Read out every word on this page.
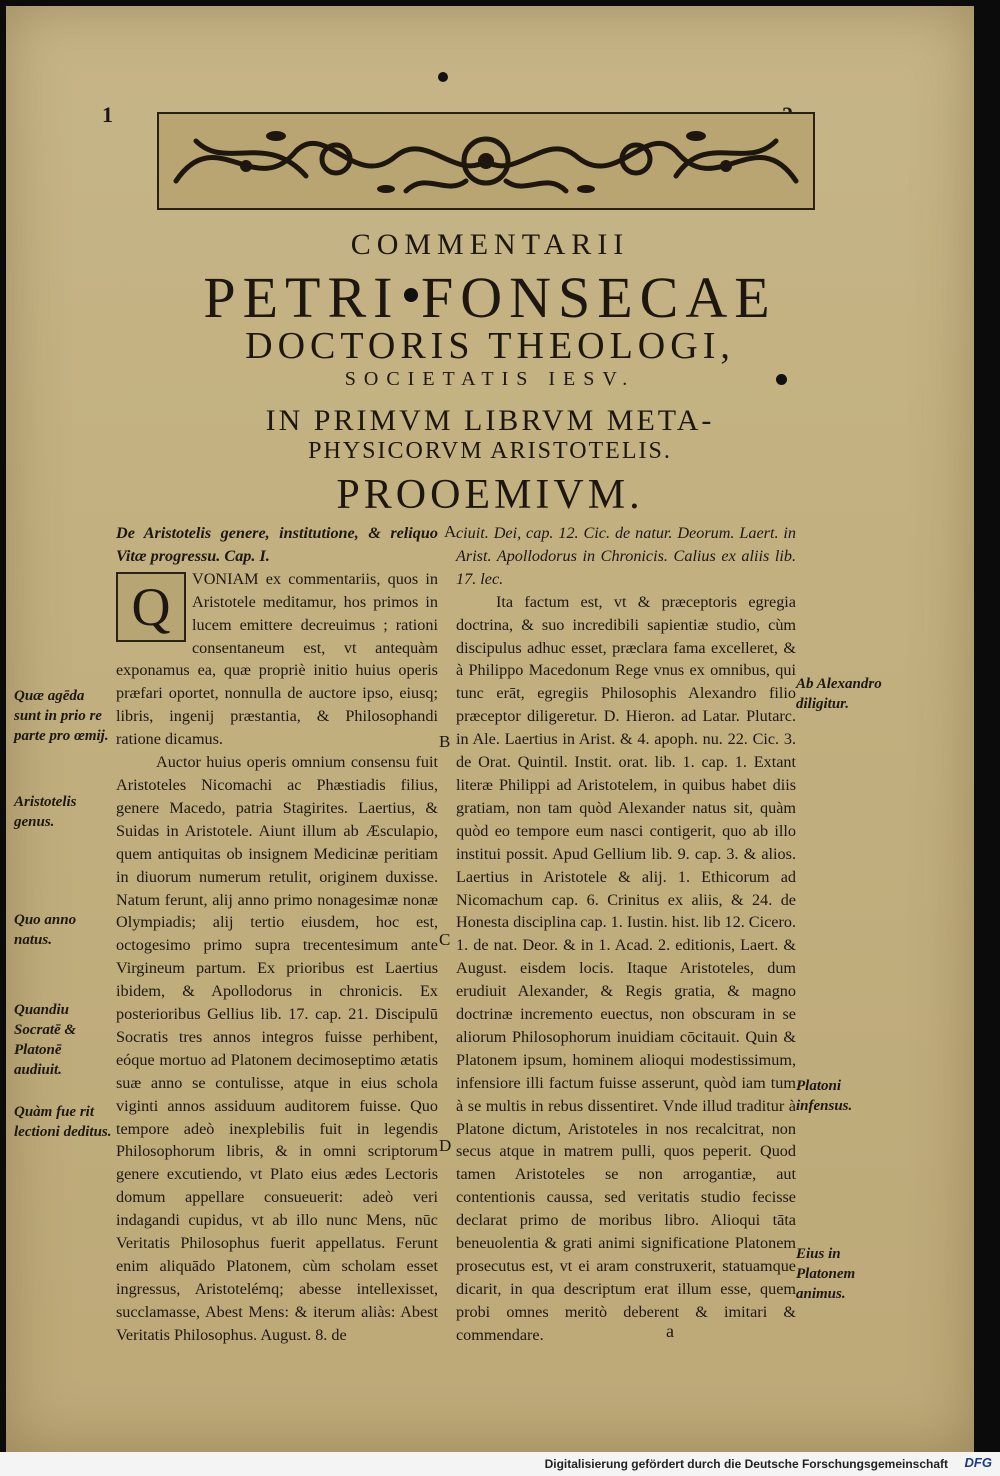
1
COMMENTARII
PETRI FONSECAE
DOCTORIS THEOLOGI,
SOCIETATIS IESV.
IN PRIMVM LIBRVM META-
PHYSICORVM ARISTOTELIS.
PROOEMIVM.

De Aristotelis genere, institutione, & reliquo Vitæ progressu. Cap. I.

Q	VONIAM ex commentariis, quos in Aristotele meditamur, hos primos in lucem emittere decreuimus ; rationi consentaneum est, vt antequàm exponamus ea, quæ propriè initio huius operis præfari oportet, nonnulla de auctore ipso, eiusq; libris, ingenij præstantia, & Philosophandi ratione dicamus.

Auctor huius operis omnium consensu fuit Aristoteles Nicomachi ac Phæstiadis filius, genere Macedo, patria Stagirites. Laertius, & Suidas in Aristotele. Aiunt illum ab Æsculapio, quem antiquitas ob insignem Medicinæ peritiam in diuorum numerum retulit, originem duxisse. Natum ferunt, alij anno primo nonagesimæ nonæ Olympiadis; alij tertio eiusdem, hoc est, octogesimo primo supra trecentesimum ante Virgineum partum. Ex prioribus est Laertius ibidem, & Apollodorus in chronicis. Ex posterioribus Gellius lib. 17. cap. 21. Discipulū Socratis tres annos integros fuisse perhibent, eóque mortuo ad Platonem decimoseptimo ætatis suæ anno se contulisse, atque in eius schola viginti annos assiduum auditorem fuisse. Quo tempore adeò inexplebilis fuit in legendis Philosophorum libris, & in omni scriptorum genere excutiendo, vt Plato eius ædes Lectoris domum appellare consueuerit: adeò veri indagandi cupidus, vt ab illo nunc Mens, nūc Veritatis Philosophus fuerit appellatus. Ferunt enim aliquādo Platonem, cùm scholam esset ingressus, Aristotelémq; abesse intellexisset, succlamasse, Abest Mens: & iterum aliàs: Abest Veritatis Philosophus. August. 8. de

ciuit. Dei, cap. 12. Cic. de natur. Deorum. Laert. in Arist. Apollodorus in Chronicis. Calius ex aliis lib. 17. lec.

Ita factum est, vt & præceptoris egregia doctrina, & suo incredibili sapientiæ studio, cùm discipulus adhuc esset, præclara fama excelleret, & à Philippo Macedonum Rege vnus ex omnibus, qui tunc erāt, egregiis Philosophis Alexandro filio præceptor diligeretur. D. Hieron. ad Latar. Plutarc. in Ale. Laertius in Arist. & 4. apoph. nu. 22. Cic. 3. de Orat. Quintil. Instit. orat. lib. 1. cap. 1. Extant literæ Philippi ad Aristotelem, in quibus habet diis gratiam, non tam quòd Alexander natus sit, quàm quòd eo tempore eum nasci contigerit, quo ab illo institui possit. Apud Gellium lib. 9. cap. 3. & alios. Laertius in Aristotele & alij. 1. Ethicorum ad Nicomachum cap. 6. Crinitus ex aliis, & 24. de Honesta disciplina cap. 1. Iustin. hist. lib 12. Cicero. 1. de nat. Deor. & in 1. Acad. 2. editionis, Laert. & August. eisdem locis. Itaque Aristoteles, dum erudiuit Alexander, & Regis gratia, & magno doctrinæ incremento euectus, non obscuram in se aliorum Philosophorum inuidiam cōcitauit. Quin & Platonem ipsum, hominem alioqui modestissimum, infensiore illi factum fuisse asserunt, quòd iam tum à se multis in rebus dissentiret. Vnde illud traditur à Platone dictum, Aristoteles in nos recalcitrat, non secus atque in matrem pulli, quos peperit. Quod tamen Aristoteles se non arrogantiæ, aut contentionis caussa, sed veritatis studio fecisse declarat primo de moribus libro. Alioqui tāta beneuolentia & grati animi significatione Platonem prosecutus est, vt ei aram construxerit, statuamque dicarit, in qua descriptum erat illum esse, quem probi omnes meritò deberent & imitari & commendare.

Quæ agēda sunt in prio re parte pro œmij.
Aristotelis genus.
Quo anno natus.
Quandiu Socratē & Platonē audiuit.
Quàm fue rit lectioni deditus.
Ab Alexandro diligitur.
Platoni infensus.
Eius in Platonem animus.
A
B
C
D
a
Digitalisierung gefördert durch die Deutsche Forschungsgemeinschaft DFG
